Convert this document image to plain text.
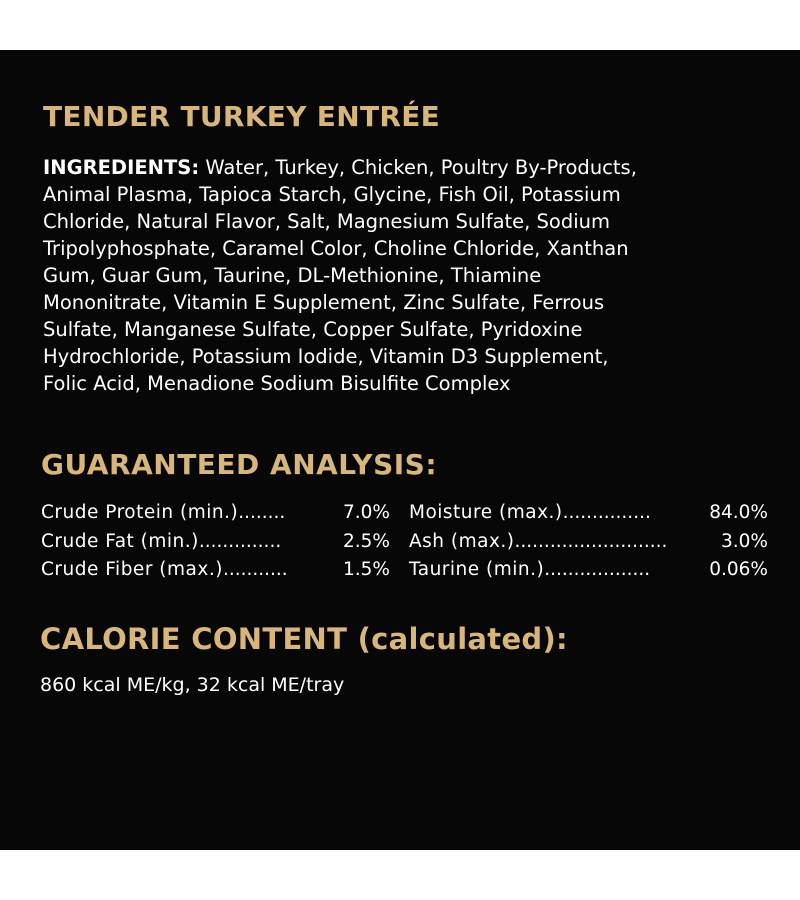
TENDER TURKEY ENTRÉE

INGREDIENTS: Water, Turkey, Chicken, Poultry By-Products,
Animal Plasma, Tapioca Starch, Glycine, Fish Oil, Potassium
Chloride, Natural Flavor, Salt, Magnesium Sulfate, Sodium
Tripolyphosphate, Caramel Color, Choline Chloride, Xanthan
Gum, Guar Gum, Taurine, DL-Methionine, Thiamine
Mononitrate, Vitamin E Supplement, Zinc Sulfate, Ferrous
Sulfate, Manganese Sulfate, Copper Sulfate, Pyridoxine
Hydrochloride, Potassium Iodide, Vitamin D3 Supplement,
Folic Acid, Menadione Sodium Bisulfite Complex

GUARANTEED ANALYSIS:
Crude Protein (min.) ........	7.0%
Crude Fat (min.) ..............	2.5%
Crude Fiber (max.) ...........	1.5%
Moisture (max.) ...............	84.0%
Ash (max.) ..........................	3.0%
Taurine (min.) ..................	0.06%
CALORIE CONTENT (calculated):

860 kcal ME/kg, 32 kcal ME/tray
